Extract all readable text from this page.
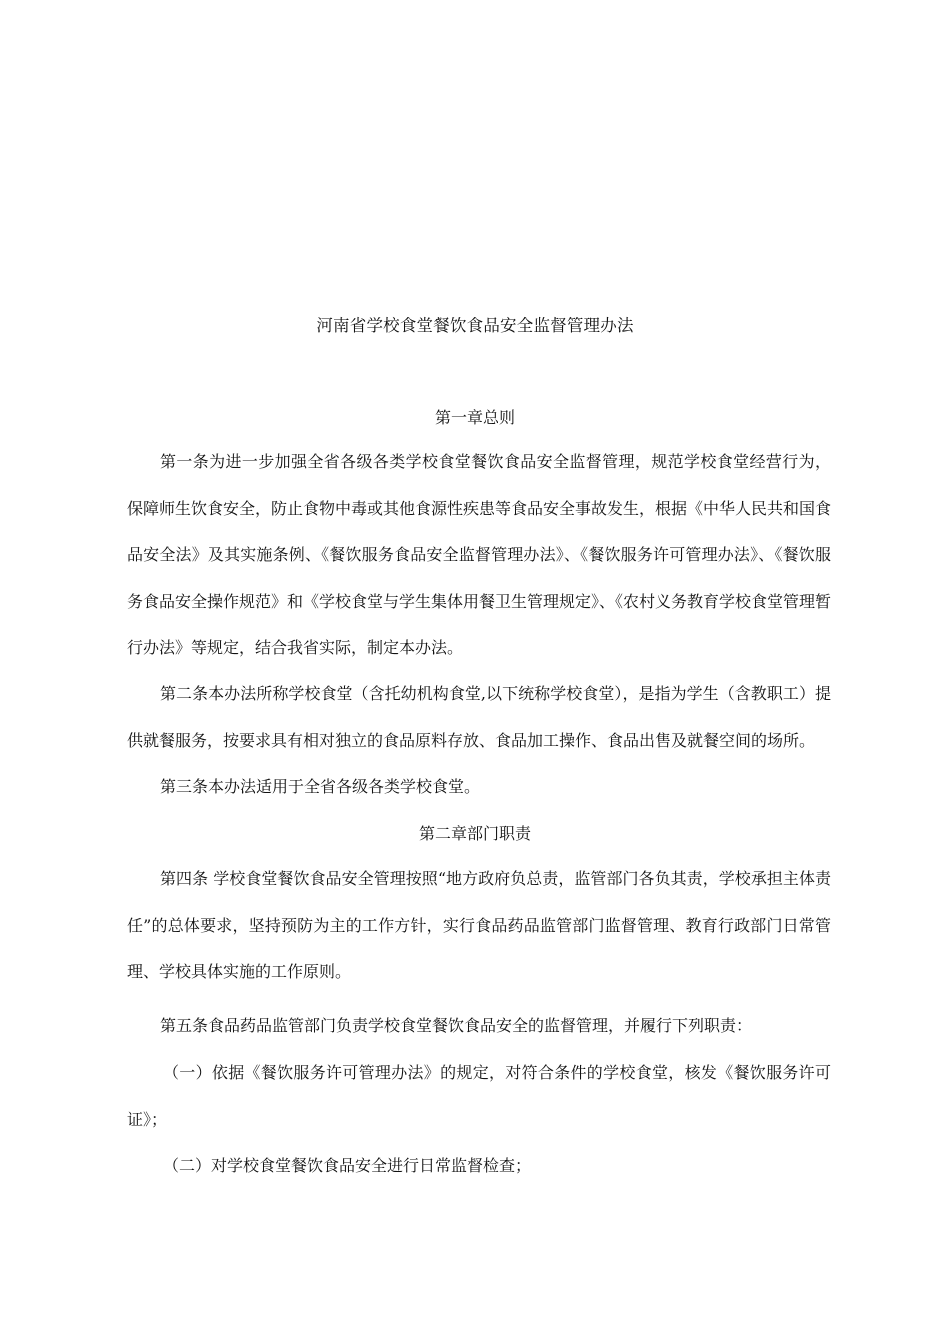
河南省学校食堂餐饮食品安全监督管理办法
第一章总则

第一条为进一步加强全省各级各类学校食堂餐饮食品安全监督管理，规范学校食堂经营行为，保障师生饮食安全，防止食物中毒或其他食源性疾患等食品安全事故发生，根据《中华人民共和国食品安全法》及其实施条例、《餐饮服务食品安全监督管理办法》、《餐饮服务许可管理办法》、《餐饮服务食品安全操作规范》和《学校食堂与学生集体用餐卫生管理规定》、《农村义务教育学校食堂管理暂行办法》等规定，结合我省实际，制定本办法。

第二条本办法所称学校食堂（含托幼机构食堂,以下统称学校食堂），是指为学生（含教职工）提供就餐服务，按要求具有相对独立的食品原料存放、食品加工操作、食品出售及就餐空间的场所。

第三条本办法适用于全省各级各类学校食堂。

第二章部门职责

第四条 学校食堂餐饮食品安全管理按照“地方政府负总责，监管部门各负其责，学校承担主体责任”的总体要求，坚持预防为主的工作方针，实行食品药品监管部门监督管理、教育行政部门日常管理、学校具体实施的工作原则。

第五条食品药品监管部门负责学校食堂餐饮食品安全的监督管理，并履行下列职责：

（一）依据《餐饮服务许可管理办法》的规定，对符合条件的学校食堂，核发《餐饮服务许可证》；

（二）对学校食堂餐饮食品安全进行日常监督检查；
